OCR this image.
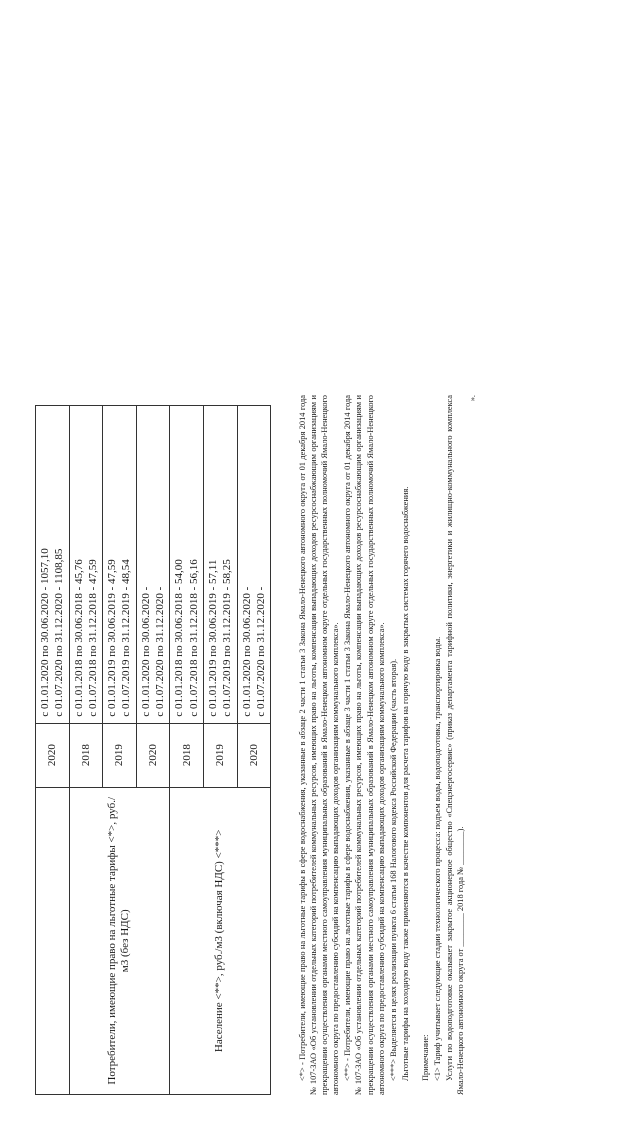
	2020	с 01.01.2020 по 30.06.2020 - 1057,10 с 01.07.2020 по 31.12.2020 - 1108,85

Потребители, имеющие право на льготные тарифы <*>, руб./м3 (без НДС)	2018	с 01.01.2018 по 30.06.2018 - 45,76 с 01.07.2018 по 31.12.2018 - 47,59

	2019	с 01.01.2019 по 30.06.2019 - 47,59 с 01.07.2019 по 31.12.2019 - 48,54

	2020	с 01.01.2020 по 30.06.2020 - с 01.07.2020 по 31.12.2020 -

Население <**>, руб./м3 (включая НДС) <***>	2018	с 01.01.2018 по 30.06.2018 - 54,00 с 01.07.2018 по 31.12.2018 - 56,16

	2019	с 01.01.2019 по 30.06.2019 - 57,11 с 01.07.2019 по 31.12.2019 - 58,25

	2020	с 01.01.2020 по 30.06.2020 - с 01.07.2020 по 31.12.2020 -	<*> - Потребители, имеющие право на льготные тарифы в сфере водоснабжения, указанные в абзаце 2 части 1 статьи 3 Закона Ямало-Ненецкого автономного округа от 01 декабря 2014 года № 107-ЗАО «Об установлении отдельных категорий потребителей коммунальных ресурсов, имеющих право на льготы, компенсации выпадающих доходов ресурсоснабжающим организациям и прекращении осуществления органами местного самоуправления муниципальных образований в Ямало-Ненецком автономном округе отдельных государственных полномочий Ямало-Ненецкого автономного округа по предоставлению субсидий на компенсацию выпадающих доходов организациям коммунального комплекса». <**> - Потребители, имеющие право на льготные тарифы в сфере водоснабжения, указанные в абзаце 3 части 1 статьи 3 Закона Ямало-Ненецкого автономного округа от 01 декабря 2014 года № 107-ЗАО «Об установлении отдельных категорий потребителей коммунальных ресурсов, имеющих право на льготы, компенсации выпадающих доходов ресурсоснабжающим организациям и прекращении осуществления органами местного самоуправления муниципальных образований в Ямало-Ненецком автономном округе отдельных государственных полномочий Ямало-Ненецкого автономного округа по предоставлению субсидий на компенсацию выпадающих доходов организациям коммунального комплекса». <***> Выделяется в целях реализации пункта 6 статьи 168 Налогового кодекса Российской Федерации (часть вторая). Льготные тарифы на холодную воду также применяются в качестве компонентов для расчета тарифов на горячую воду в закрытых системах горячего водоснабжения. Примечание: <1> Тариф учитывает следующие стадии технологического процесса: подъем воды, водоподготовка, транспортировка воды. Услуги по водоподготовке оказывает закрытое акционерное общество «Спецэнергосервис» (приказ департамента тарифной политики, энергетики и жилищно-коммунального комплекса Ямало-Ненецкого автономного округа от ________ 2018 года № ________).

».
